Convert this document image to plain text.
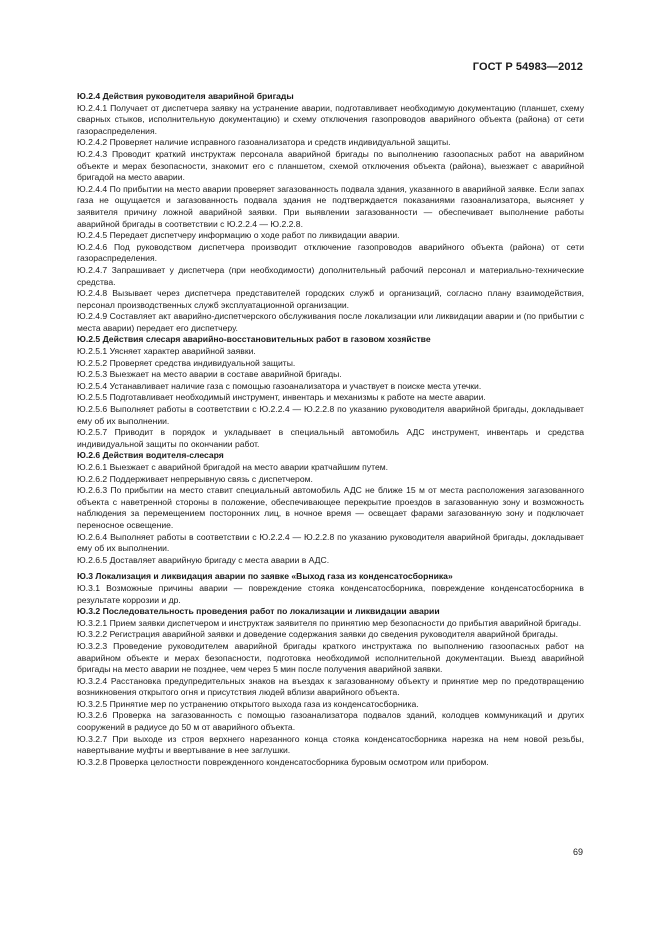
ГОСТ Р 54983—2012

Ю.2.4 Действия руководителя аварийной бригады

Ю.2.4.1 Получает от диспетчера заявку на устранение аварии, подготавливает необходимую документацию (планшет, схему сварных стыков, исполнительную документацию) и схему отключения газопроводов аварийного объекта (района) от сети газораспределения.

Ю.2.4.2 Проверяет наличие исправного газоанализатора и средств индивидуальной защиты.

Ю.2.4.3 Проводит краткий инструктаж персонала аварийной бригады по выполнению газоопасных работ на аварийном объекте и мерах безопасности, знакомит его с планшетом, схемой отключения объекта (района), выезжает с аварийной бригадой на место аварии.

Ю.2.4.4 По прибытии на место аварии проверяет загазованность подвала здания, указанного в аварийной заявке. Если запах газа не ощущается и загазованность подвала здания не подтверждается показаниями газоанализатора, выясняет у заявителя причину ложной аварийной заявки. При выявлении загазованности — обеспечивает выполнение работы аварийной бригады в соответствии с Ю.2.2.4 — Ю.2.2.8.

Ю.2.4.5 Передает диспетчеру информацию о ходе работ по ликвидации аварии.

Ю.2.4.6 Под руководством диспетчера производит отключение газопроводов аварийного объекта (района) от сети газораспределения.

Ю.2.4.7 Запрашивает у диспетчера (при необходимости) дополнительный рабочий персонал и материально-технические средства.

Ю.2.4.8 Вызывает через диспетчера представителей городских служб и организаций, согласно плану взаимодействия, персонал производственных служб эксплуатационной организации.

Ю.2.4.9 Составляет акт аварийно-диспетчерского обслуживания после локализации или ликвидации аварии и (по прибытии с места аварии) передает его диспетчеру.

Ю.2.5 Действия слесаря аварийно-восстановительных работ в газовом хозяйстве

Ю.2.5.1 Уясняет характер аварийной заявки.

Ю.2.5.2 Проверяет средства индивидуальной защиты.

Ю.2.5.3 Выезжает на место аварии в составе аварийной бригады.

Ю.2.5.4 Устанавливает наличие газа с помощью газоанализатора и участвует в поиске места утечки.

Ю.2.5.5 Подготавливает необходимый инструмент, инвентарь и механизмы к работе на месте аварии.

Ю.2.5.6 Выполняет работы в соответствии с Ю.2.2.4 — Ю.2.2.8 по указанию руководителя аварийной бригады, докладывает ему об их выполнении.

Ю.2.5.7 Приводит в порядок и укладывает в специальный автомобиль АДС инструмент, инвентарь и средства индивидуальной защиты по окончании работ.

Ю.2.6 Действия водителя-слесаря

Ю.2.6.1 Выезжает с аварийной бригадой на место аварии кратчайшим путем.

Ю.2.6.2 Поддерживает непрерывную связь с диспетчером.

Ю.2.6.3 По прибытии на место ставит специальный автомобиль АДС не ближе 15 м от места расположения загазованного объекта с наветренной стороны в положение, обеспечивающее перекрытие проездов в загазованную зону и возможность наблюдения за перемещением посторонних лиц, в ночное время — освещает фарами загазованную зону и подключает переносное освещение.

Ю.2.6.4 Выполняет работы в соответствии с Ю.2.2.4 — Ю.2.2.8 по указанию руководителя аварийной бригады, докладывает ему об их выполнении.

Ю.2.6.5 Доставляет аварийную бригаду с места аварии в АДС.

Ю.3 Локализация и ликвидация аварии по заявке «Выход газа из конденсатосборника»

Ю.3.1 Возможные причины аварии — повреждение стояка конденсатосборника, повреждение конденсатосборника в результате коррозии и др.

Ю.3.2 Последовательность проведения работ по локализации и ликвидации аварии

Ю.3.2.1 Прием заявки диспетчером и инструктаж заявителя по принятию мер безопасности до прибытия аварийной бригады.

Ю.3.2.2 Регистрация аварийной заявки и доведение содержания заявки до сведения руководителя аварийной бригады.

Ю.3.2.3 Проведение руководителем аварийной бригады краткого инструктажа по выполнению газоопасных работ на аварийном объекте и мерах безопасности, подготовка необходимой исполнительной документации. Выезд аварийной бригады на место аварии не позднее, чем через 5 мин после получения аварийной заявки.

Ю.3.2.4 Расстановка предупредительных знаков на въездах к загазованному объекту и принятие мер по предотвращению возникновения открытого огня и присутствия людей вблизи аварийного объекта.

Ю.3.2.5 Принятие мер по устранению открытого выхода газа из конденсатосборника.

Ю.3.2.6 Проверка на загазованность с помощью газоанализатора подвалов зданий, колодцев коммуникаций и других сооружений в радиусе до 50 м от аварийного объекта.

Ю.3.2.7 При выходе из строя верхнего нарезанного конца стояка конденсатосборника нарезка на нем новой резьбы, навертывание муфты и ввертывание в нее заглушки.

Ю.3.2.8 Проверка целостности поврежденного конденсатосборника буровым осмотром или прибором.

69
